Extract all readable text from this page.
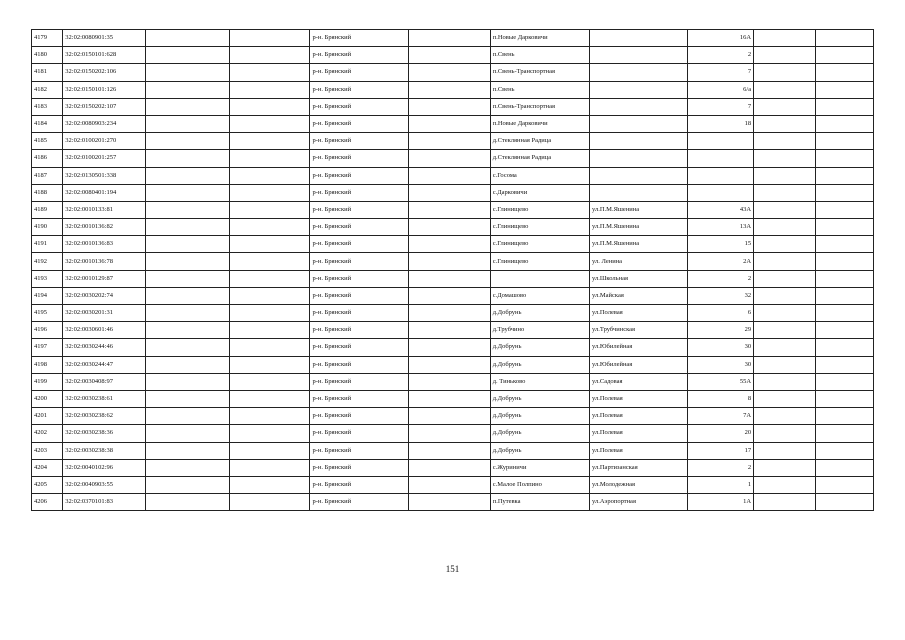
4179	32:02:0080901:35			р-н. Брянский		п.Новые Дарковичи		16А		
4180	32:02:0150101:628			р-н. Брянский		п.Свень		2		
4181	32:02:0150202:106			р-н. Брянский		п.Свень-Транспортная		7		
4182	32:02:0150101:126			р-н. Брянский		п.Свень		6/а		
4183	32:02:0150202:107			р-н. Брянский		п.Свень-Транспортная		7		
4184	32:02:0080903:234			р-н. Брянский		п.Новые Дарковичи		18		
4185	32:02:0100201:270			р-н. Брянский		д.Стеклянная Радица				
4186	32:02:0100201:257			р-н. Брянский		д.Стеклянная Радица				
4187	32:02:0130501:338			р-н. Брянский		с.Госома				
4188	32:02:0080401:194			р-н. Брянский		с.Дарковичи				
4189	32:02:0010133:81			р-н. Брянский		с.Глинищево	ул.П.М.Яшенина	43А		
4190	32:02:0010136:82			р-н. Брянский		с.Глинищево	ул.П.М.Яшенина	13А		
4191	32:02:0010136:83			р-н. Брянский		с.Глинищево	ул.П.М.Яшенина	15		
4192	32:02:0010136:78			р-н. Брянский		с.Глинищево	ул. Ленина	2А		
4193	32:02:0010129:87			р-н. Брянский			ул.Школьная	2		
4194	32:02:0030202:74			р-н. Брянский		с.Домашово	ул.Майская	32		
4195	32:02:0030201:31			р-н. Брянский		д.Добрунь	ул.Полевая	6		
4196	32:02:0030601:46			р-н. Брянский		д.Трубчино	ул.Трубчинская	29		
4197	32:02:0030244:46			р-н. Брянский		д.Добрунь	ул.Юбилейная	30		
4198	32:02:0030244:47			р-н. Брянский		д.Добрунь	ул.Юбилейная	30		
4199	32:02:0030408:97			р-н. Брянский		д. Тиньково	ул.Садовая	55А		
4200	32:02:0030238:61			р-н. Брянский		д.Добрунь	ул.Полевая	8		
4201	32:02:0030238:62			р-н. Брянский		д.Добрунь	ул.Полевая	7А		
4202	32:02:0030238:36			р-н. Брянский		д.Добрунь	ул.Полевая	20		
4203	32:02:0030238:38			р-н. Брянский		д.Добрунь	ул.Полевая	17		
4204	32:02:0040102:96			р-н. Брянский		с.Журиничи	ул.Партизанская	2		
4205	32:02:0040903:55			р-н. Брянский		с.Малое Полпино	ул.Молодежная	1		
4206	32:02:0370101:83			р-н. Брянский		п.Путевка	ул.Аэропортная	1А		
151
